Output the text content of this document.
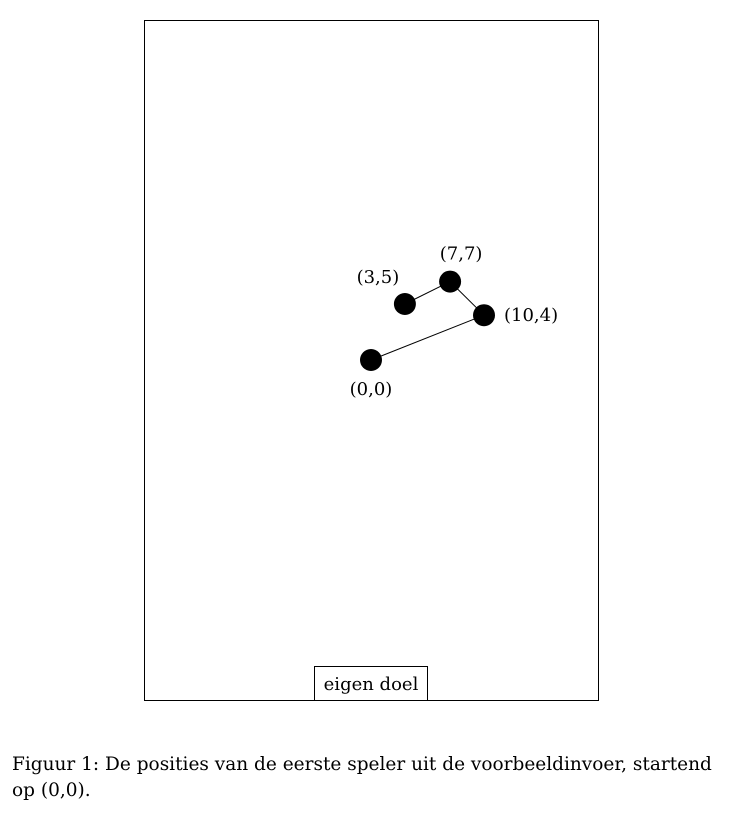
(0,0)
(10,4)
(7,7)
(3,5)
eigen doel
Figuur 1: De posities van de eerste speler uit de voorbeeldinvoer, startend op (0,0).
